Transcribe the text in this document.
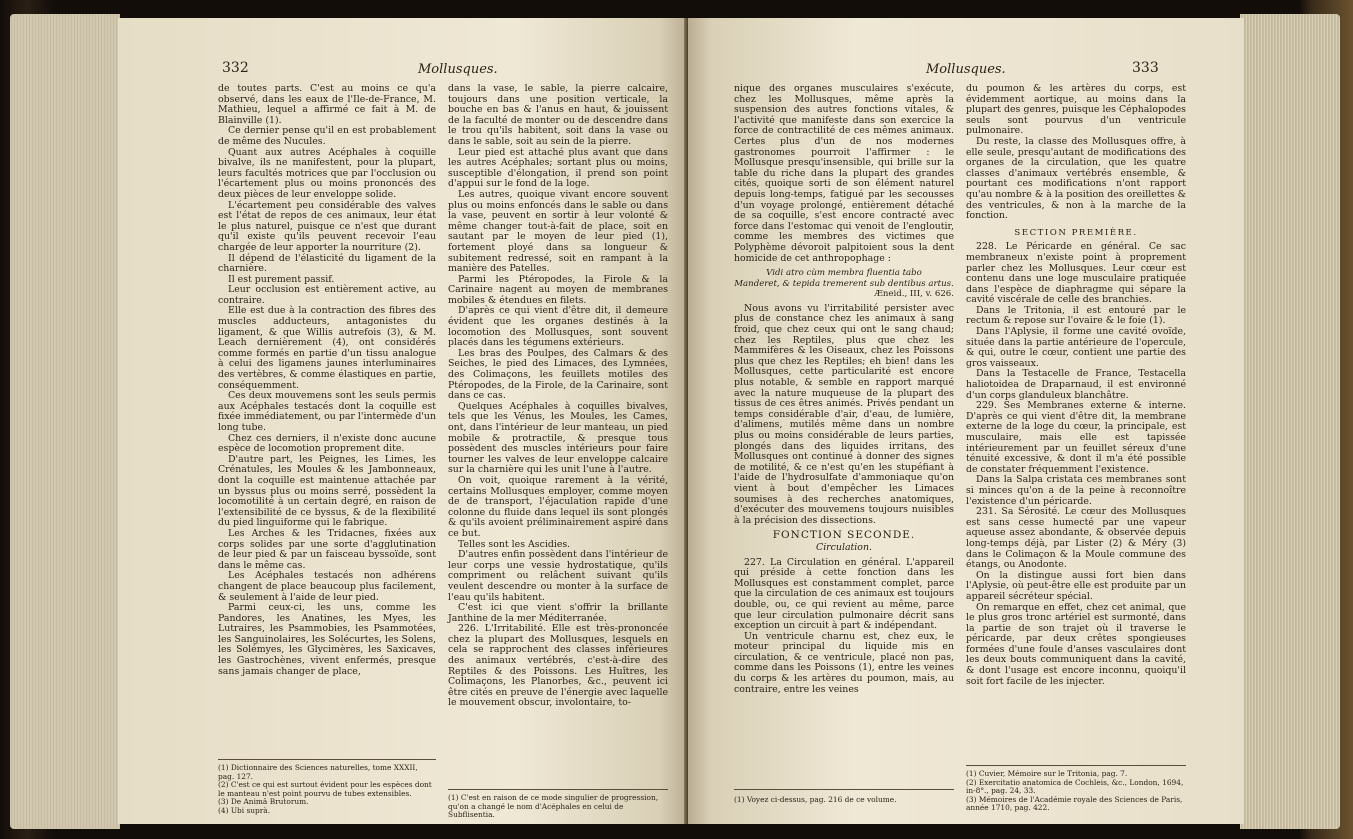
332	Mollusques.

de toutes parts. C'est au moins ce qu'a observé, dans les eaux de l'Ile-de-France, M. Mathieu, lequel a affirmé ce fait à M. de Blainville (1).

Ce dernier pense qu'il en est probablement de même des Nucules.

Quant aux autres Acéphales à coquille bivalve, ils ne manifestent, pour la plupart, leurs facultés motrices que par l'occlusion ou l'écartement plus ou moins prononcés des deux pièces de leur enveloppe solide.

L'écartement peu considérable des valves est l'état de repos de ces animaux, leur état le plus naturel, puisque ce n'est que durant qu'il existe qu'ils peuvent recevoir l'eau chargée de leur apporter la nourriture (2).

Il dépend de l'élasticité du ligament de la charnière.

Il est purement passif.

Leur occlusion est entièrement active, au contraire.

Elle est due à la contraction des fibres des muscles adducteurs, antagonistes du ligament, & que Willis autrefois (3), & M. Leach dernièrement (4), ont considérés comme formés en partie d'un tissu analogue à celui des ligamens jaunes interluminaires des vertèbres, & comme élastiques en partie, conséquemment.

Ces deux mouvemens sont les seuls permis aux Acéphales testacés dont la coquille est fixée immédiatement, ou par l'intermède d'un long tube.

Chez ces derniers, il n'existe donc aucune espèce de locomotion proprement dite.

D'autre part, les Peignes, les Limes, les Crénatules, les Moules & les Jambonneaux, dont la coquille est maintenue attachée par un byssus plus ou moins serré, possèdent la locomotilité à un certain degré, en raison de l'extensibilité de ce byssus, & de la flexibilité du pied linguiforme qui le fabrique.

Les Arches & les Tridacnes, fixées aux corps solides par une sorte d'agglutination de leur pied & par un faisceau byssoïde, sont dans le même cas.

Les Acéphales testacés non adhérens changent de place beaucoup plus facilement, & seulement à l'aide de leur pied.

Parmi ceux-ci, les uns, comme les Pandores, les Anatines, les Myes, les Lutraires, les Psammobies, les Psammotées, les Sanguinolaires, les Solécurtes, les Solens, les Solémyes, les Glycimères, les Saxicaves, les Gastrochènes, vivent enfermés, presque sans jamais changer de place,

(1) Dictionnaire des Sciences naturelles, tome XXXII, pag. 127.

(2) C'est ce qui est surtout évident pour les espèces dont le manteau n'est point pourvu de tubes extensibles.

(3) De Animâ Brutorum.

(4) Ubi suprà.

dans la vase, le sable, la pierre calcaire, toujours dans une position verticale, la bouche en bas & l'anus en haut, & jouissent de la faculté de monter ou de descendre dans le trou qu'ils habitent, soit dans la vase ou dans le sable, soit au sein de la pierre.

Leur pied est attaché plus avant que dans les autres Acéphales; sortant plus ou moins, susceptible d'élongation, il prend son point d'appui sur le fond de la loge.

Les autres, quoique vivant encore souvent plus ou moins enfoncés dans le sable ou dans la vase, peuvent en sortir à leur volonté & même changer tout-à-fait de place, soit en sautant par le moyen de leur pied (1), fortement ployé dans sa longueur & subitement redressé, soit en rampant à la manière des Patelles.

Parmi les Ptéropodes, la Firole & la Carinaire nagent au moyen de membranes mobiles & étendues en filets.

D'après ce qui vient d'être dit, il demeure évident que les organes destinés à la locomotion des Mollusques, sont souvent placés dans les tégumens extérieurs.

Les bras des Poulpes, des Calmars & des Seiches, le pied des Limaces, des Lymnées, des Colimaçons, les feuillets motiles des Ptéropodes, de la Firole, de la Carinaire, sont dans ce cas.

Quelques Acéphales à coquilles bivalves, tels que les Vénus, les Moules, les Cames, ont, dans l'intérieur de leur manteau, un pied mobile & protractile, & presque tous possèdent des muscles intérieurs pour faire tourner les valves de leur enveloppe calcaire sur la charnière qui les unit l'une à l'autre.

On voit, quoique rarement à la vérité, certains Mollusques employer, comme moyen de de transport, l'éjaculation rapide d'une colonne du fluide dans lequel ils sont plongés & qu'ils avoient préliminairement aspiré dans ce but.

Telles sont les Ascidies.

D'autres enfin possèdent dans l'intérieur de leur corps une vessie hydrostatique, qu'ils compriment ou relâchent suivant qu'ils veulent descendre ou monter à la surface de l'eau qu'ils habitent.

C'est ici que vient s'offrir la brillante Janthine de la mer Méditerranée.

226. L'Irritabilité. Elle est très-prononcée chez la plupart des Mollusques, lesquels en cela se rapprochent des classes inférieures des animaux vertébrés, c'est-à-dire des Reptiles & des Poissons. Les Huîtres, les Colimaçons, les Planorbes, &c., peuvent ici être cités en preuve de l'énergie avec laquelle le mouvement obscur, involontaire, to-

(1) C'est en raison de ce mode singulier de progression, qu'on a changé le nom d'Acéphales en celui de Subflisentia.

Mollusques.	333

nique des organes musculaires s'exécute, chez les Mollusques, même après la suspension des autres fonctions vitales, & l'activité que manifeste dans son exercice la force de contractilité de ces mêmes animaux. Certes plus d'un de nos modernes gastronomes pourroit l'affirmer : le Mollusque presqu'insensible, qui brille sur la table du riche dans la plupart des grandes cités, quoique sorti de son élément naturel depuis long-temps, fatigué par les secousses d'un voyage prolongé, entièrement détaché de sa coquille, s'est encore contracté avec force dans l'estomac qui venoit de l'engloutir, comme les membres des victimes que Polyphème dévoroit palpitoient sous la dent homicide de cet anthropophage :

Vidi atro cùm membra fluentia tabo
Manderet, & tepida tremerent sub dentibus artus.
Æneid., III, v. 626.

Nous avons vu l'irritabilité persister avec plus de constance chez les animaux à sang froid, que chez ceux qui ont le sang chaud; chez les Reptiles, plus que chez les Mammifères & les Oiseaux, chez les Poissons plus que chez les Reptiles; eh bien! dans les Mollusques, cette particularité est encore plus notable, & semble en rapport marqué avec la nature muqueuse de la plupart des tissus de ces êtres animés. Privés pendant un temps considérable d'air, d'eau, de lumière, d'alimens, mutilés même dans un nombre plus ou moins considérable de leurs parties, plongés dans des liquides irritans, des Mollusques ont continué à donner des signes de motilité, & ce n'est qu'en les stupéfiant à l'aide de l'hydrosulfate d'ammoniaque qu'on vient à bout d'empêcher les Limaces soumises à des recherches anatomiques, d'exécuter des mouvemens toujours nuisibles à la précision des dissections.

FONCTION SECONDE.
Circulation.

227. La Circulation en général. L'appareil qui préside à cette fonction dans les Mollusques est constamment complet, parce que la circulation de ces animaux est toujours double, ou, ce qui revient au même, parce que leur circulation pulmonaire décrit sans exception un circuit à part & indépendant.

Un ventricule charnu est, chez eux, le moteur principal du liquide mis en circulation, & ce ventricule, placé non pas, comme dans les Poissons (1), entre les veines du corps & les artères du poumon, mais, au contraire, entre les veines

(1) Voyez ci-dessus, pag. 216 de ce volume.

du poumon & les artères du corps, est évidemment aortique, au moins dans la plupart des genres, puisque les Céphalopodes seuls sont pourvus d'un ventricule pulmonaire.

Du reste, la classe des Mollusques offre, à elle seule, presqu'autant de modifications des organes de la circulation, que les quatre classes d'animaux vertébrés ensemble, & pourtant ces modifications n'ont rapport qu'au nombre & à la position des oreillettes & des ventricules, & non à la marche de la fonction.

SECTION PREMIÈRE.

228. Le Péricarde en général. Ce sac membraneux n'existe point à proprement parler chez les Mollusques. Leur cœur est contenu dans une loge musculaire pratiquée dans l'espèce de diaphragme qui sépare la cavité viscérale de celle des branchies.

Dans le Tritonia, il est entouré par le rectum & repose sur l'ovaire & le foie (1).

Dans l'Aplysie, il forme une cavité ovoïde, située dans la partie antérieure de l'opercule, & qui, outre le cœur, contient une partie des gros vaisseaux.

Dans la Testacelle de France, Testacella haliotoidea de Draparnaud, il est environné d'un corps glanduleux blanchâtre.

229. Ses Membranes externe & interne. D'après ce qui vient d'être dit, la membrane externe de la loge du cœur, la principale, est musculaire, mais elle est tapissée intérieurement par un feuillet séreux d'une ténuité excessive, & dont il m'a été possible de constater fréquemment l'existence.

Dans la Salpa cristata ces membranes sont si minces qu'on a de la peine à reconnoître l'existence d'un péricarde.

231. Sa Sérosité. Le cœur des Mollusques est sans cesse humecté par une vapeur aqueuse assez abondante, & observée depuis long-temps déjà, par Lister (2) & Méry (3) dans le Colimaçon & la Moule commune des étangs, ou Anodonte.

On la distingue aussi fort bien dans l'Aplysie, où peut-être elle est produite par un appareil sécréteur spécial.

On remarque en effet, chez cet animal, que le plus gros tronc artériel est surmonté, dans la partie de son trajet où il traverse le péricarde, par deux crêtes spongieuses formées d'une foule d'anses vasculaires dont les deux bouts communiquent dans la cavité, & dont l'usage est encore inconnu, quoiqu'il soit fort facile de les injecter.

(1) Cuvier, Mémoire sur le Tritonia, pag. 7.

(2) Exercitatio anatomica de Cochleis, &c., London, 1694, in-8°., pag. 24, 33.

(3) Mémoires de l'Académie royale des Sciences de Paris, année 1710, pag. 422.
